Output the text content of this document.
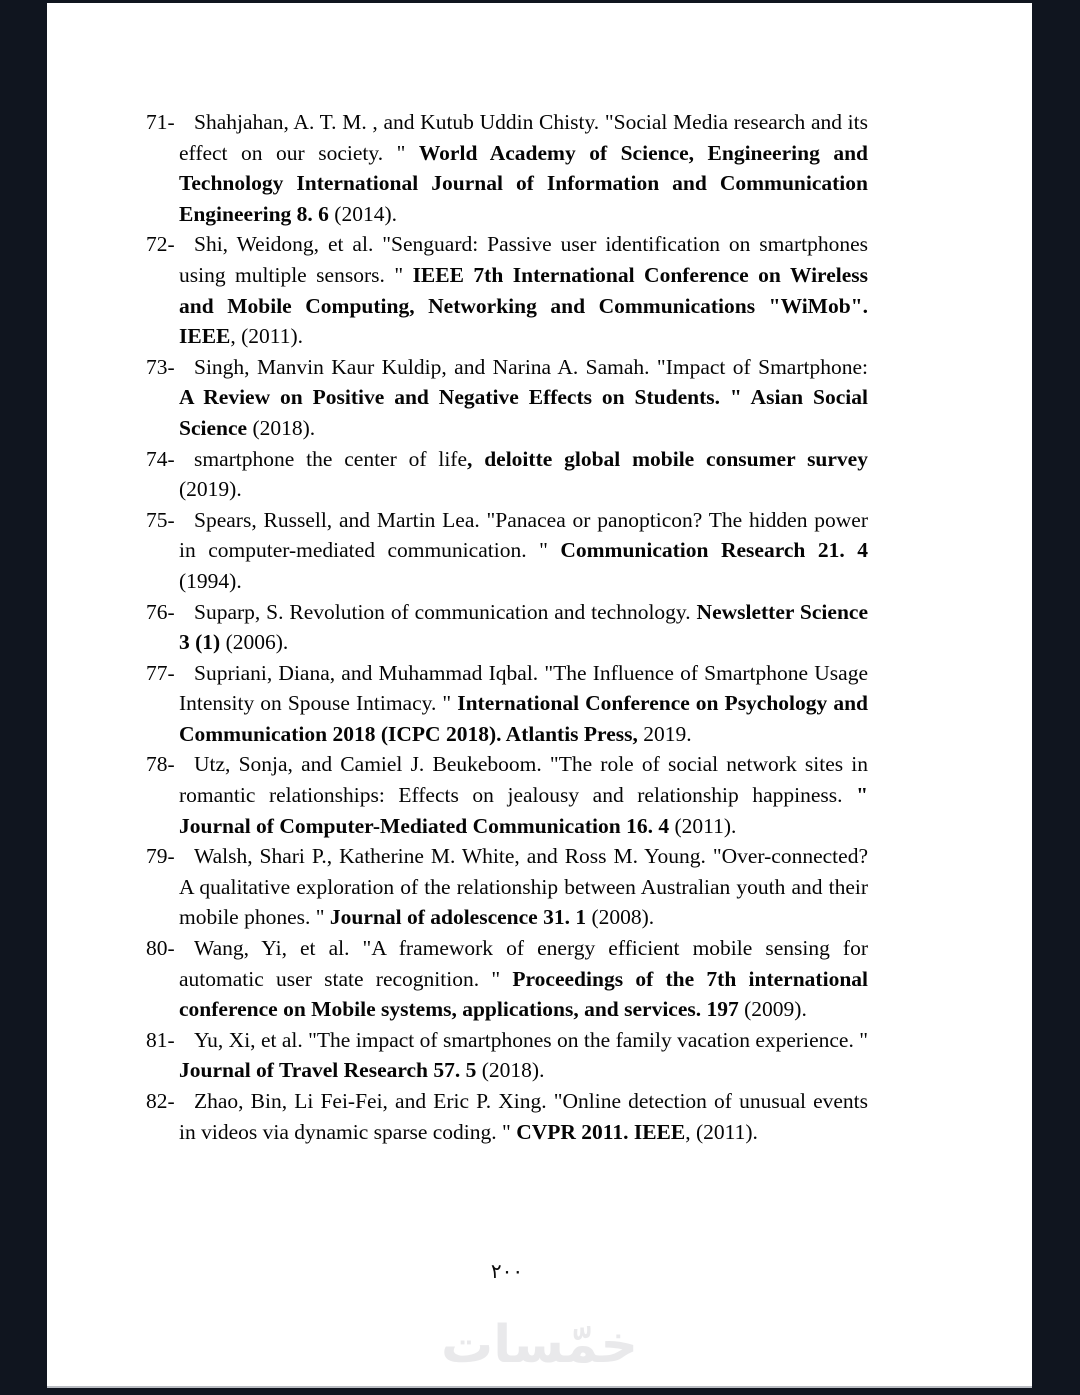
71- Shahjahan, A. T. M. , and Kutub Uddin Chisty. "Social Media research and its effect on our society. " World Academy of Science, Engineering and Technology International Journal of Information and Communication Engineering 8. 6 (2014).
72- Shi, Weidong, et al. "Senguard: Passive user identification on smartphones using multiple sensors. " IEEE 7th International Conference on Wireless and Mobile Computing, Networking and Communications "WiMob". IEEE, (2011).
73- Singh, Manvin Kaur Kuldip, and Narina A. Samah. "Impact of Smartphone: A Review on Positive and Negative Effects on Students. " Asian Social Science (2018).
74- smartphone the center of life, deloitte global mobile consumer survey (2019).
75- Spears, Russell, and Martin Lea. "Panacea or panopticon? The hidden power in computer-mediated communication. " Communication Research 21. 4 (1994).
76- Suparp, S. Revolution of communication and technology. Newsletter Science 3 (1) (2006).
77- Supriani, Diana, and Muhammad Iqbal. "The Influence of Smartphone Usage Intensity on Spouse Intimacy. " International Conference on Psychology and Communication 2018 (ICPC 2018). Atlantis Press, 2019.
78- Utz, Sonja, and Camiel J. Beukeboom. "The role of social network sites in romantic relationships: Effects on jealousy and relationship happiness. " Journal of Computer-Mediated Communication 16. 4 (2011).
79- Walsh, Shari P., Katherine M. White, and Ross M. Young. "Over-connected? A qualitative exploration of the relationship between Australian youth and their mobile phones. " Journal of adolescence 31. 1 (2008).
80- Wang, Yi, et al. "A framework of energy efficient mobile sensing for automatic user state recognition. " Proceedings of the 7th international conference on Mobile systems, applications, and services. 197 (2009).
81- Yu, Xi, et al. "The impact of smartphones on the family vacation experience. " Journal of Travel Research 57. 5 (2018).
82- Zhao, Bin, Li Fei-Fei, and Eric P. Xing. "Online detection of unusual events in videos via dynamic sparse coding. " CVPR 2011. IEEE, (2011).
٢٠٠
خمّسات
